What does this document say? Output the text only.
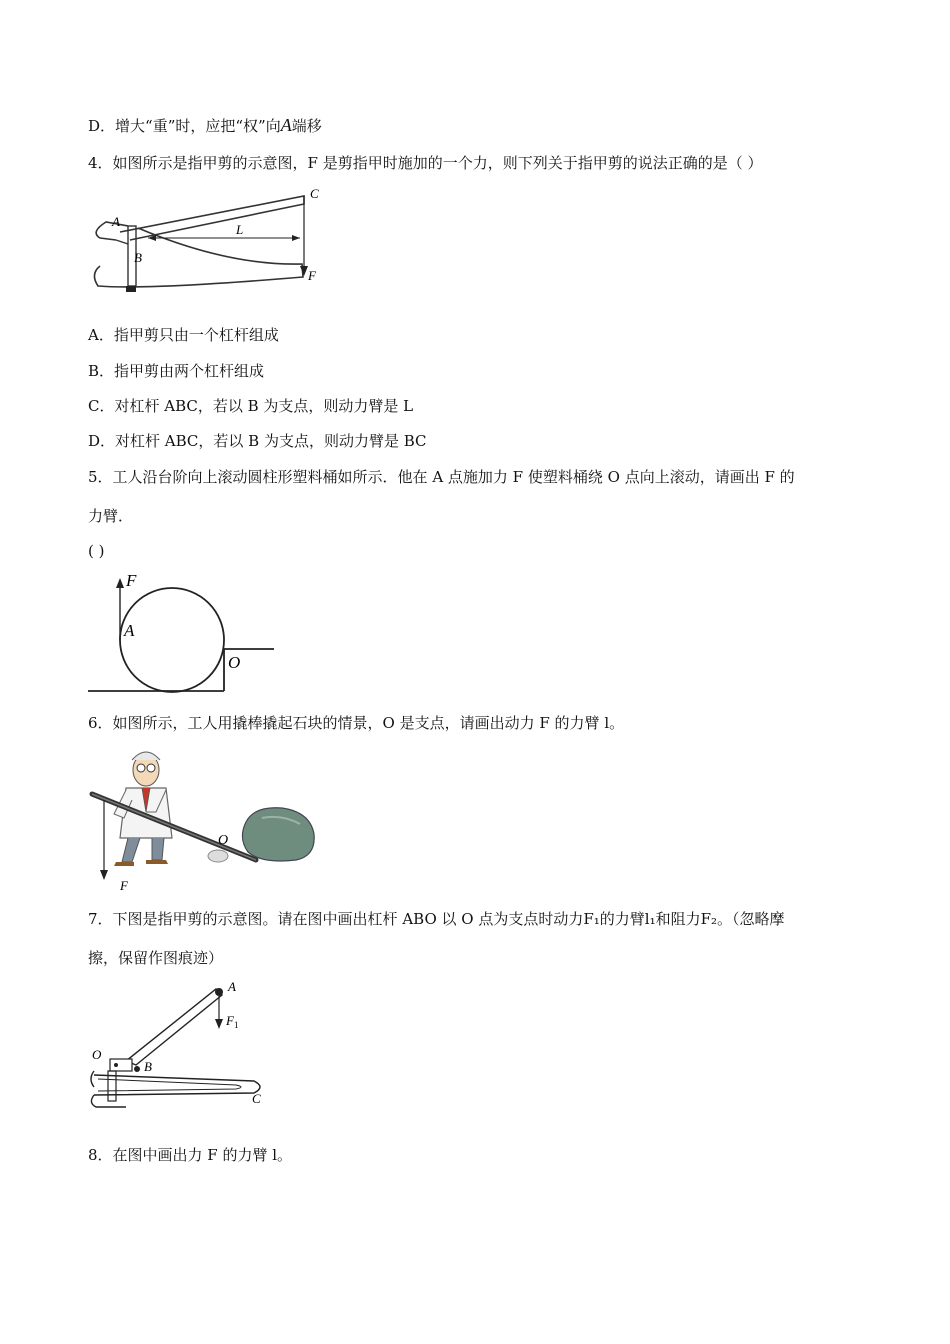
D．增大“重”时，应把“权”向A端移
4．如图所示是指甲剪的示意图，F 是剪指甲时施加的一个力，则下列关于指甲剪的说法正确的是（ ）
A
B
C
L
F
A．指甲剪只由一个杠杆组成
B．指甲剪由两个杠杆组成
C．对杠杆 ABC，若以 B 为支点，则动力臂是 L
D．对杠杆 ABC，若以 B 为支点，则动力臂是 BC
5．工人沿台阶向上滚动圆柱形塑料桶如所示．他在 A 点施加力 F 使塑料桶绕 O 点向上滚动，请画出 F 的
力臂．
( )
F
A
O
6．如图所示，工人用撬棒撬起石块的情景，O 是支点，请画出动力 F 的力臂 l。
O
F
7．下图是指甲剪的示意图。请在图中画出杠杆 ABO 以 O 点为支点时动力F₁的力臂l₁和阻力F₂。（忽略摩
擦，保留作图痕迹）
A
$F_1$
O
B
C
8．在图中画出力 F 的力臂 l。
